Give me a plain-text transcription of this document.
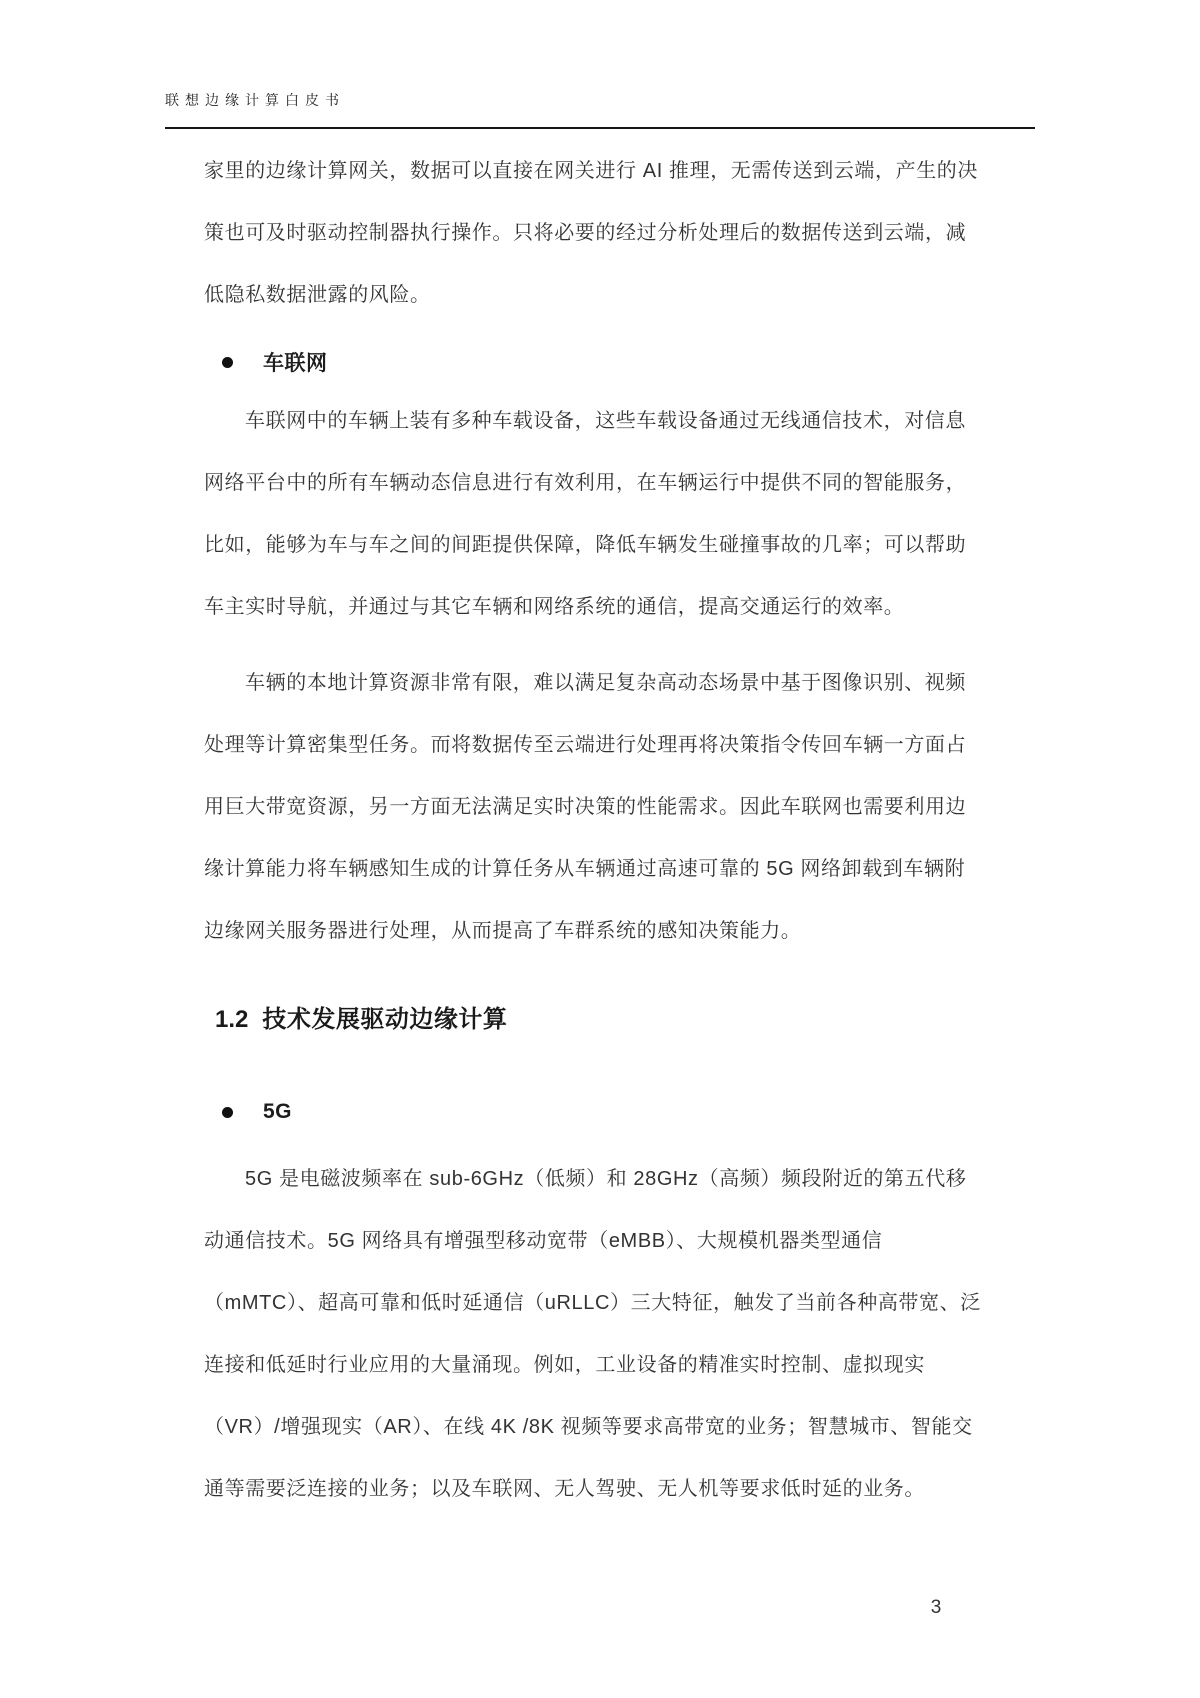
联想边缘计算白皮书
家里的边缘计算网关，数据可以直接在网关进行 AI 推理，无需传送到云端，产生的决
策也可及时驱动控制器执行操作。只将必要的经过分析处理后的数据传送到云端，减
低隐私数据泄露的风险。
车联网
车联网中的车辆上装有多种车载设备，这些车载设备通过无线通信技术，对信息
网络平台中的所有车辆动态信息进行有效利用，在车辆运行中提供不同的智能服务，
比如，能够为车与车之间的间距提供保障，降低车辆发生碰撞事故的几率；可以帮助
车主实时导航，并通过与其它车辆和网络系统的通信，提高交通运行的效率。
车辆的本地计算资源非常有限，难以满足复杂高动态场景中基于图像识别、视频
处理等计算密集型任务。而将数据传至云端进行处理再将决策指令传回车辆一方面占
用巨大带宽资源，另一方面无法满足实时决策的性能需求。因此车联网也需要利用边
缘计算能力将车辆感知生成的计算任务从车辆通过高速可靠的 5G 网络卸载到车辆附
边缘网关服务器进行处理，从而提高了车群系统的感知决策能力。
1.2 技术发展驱动边缘计算
5G
5G 是电磁波频率在 sub-6GHz（低频）和 28GHz（高频）频段附近的第五代移
动通信技术。5G 网络具有增强型移动宽带（eMBB）、大规模机器类型通信
（mMTC）、超高可靠和低时延通信（uRLLC）三大特征，触发了当前各种高带宽、泛
连接和低延时行业应用的大量涌现。例如，工业设备的精准实时控制、虚拟现实
（VR）/增强现实（AR）、在线 4K /8K 视频等要求高带宽的业务；智慧城市、智能交
通等需要泛连接的业务；以及车联网、无人驾驶、无人机等要求低时延的业务。
3
